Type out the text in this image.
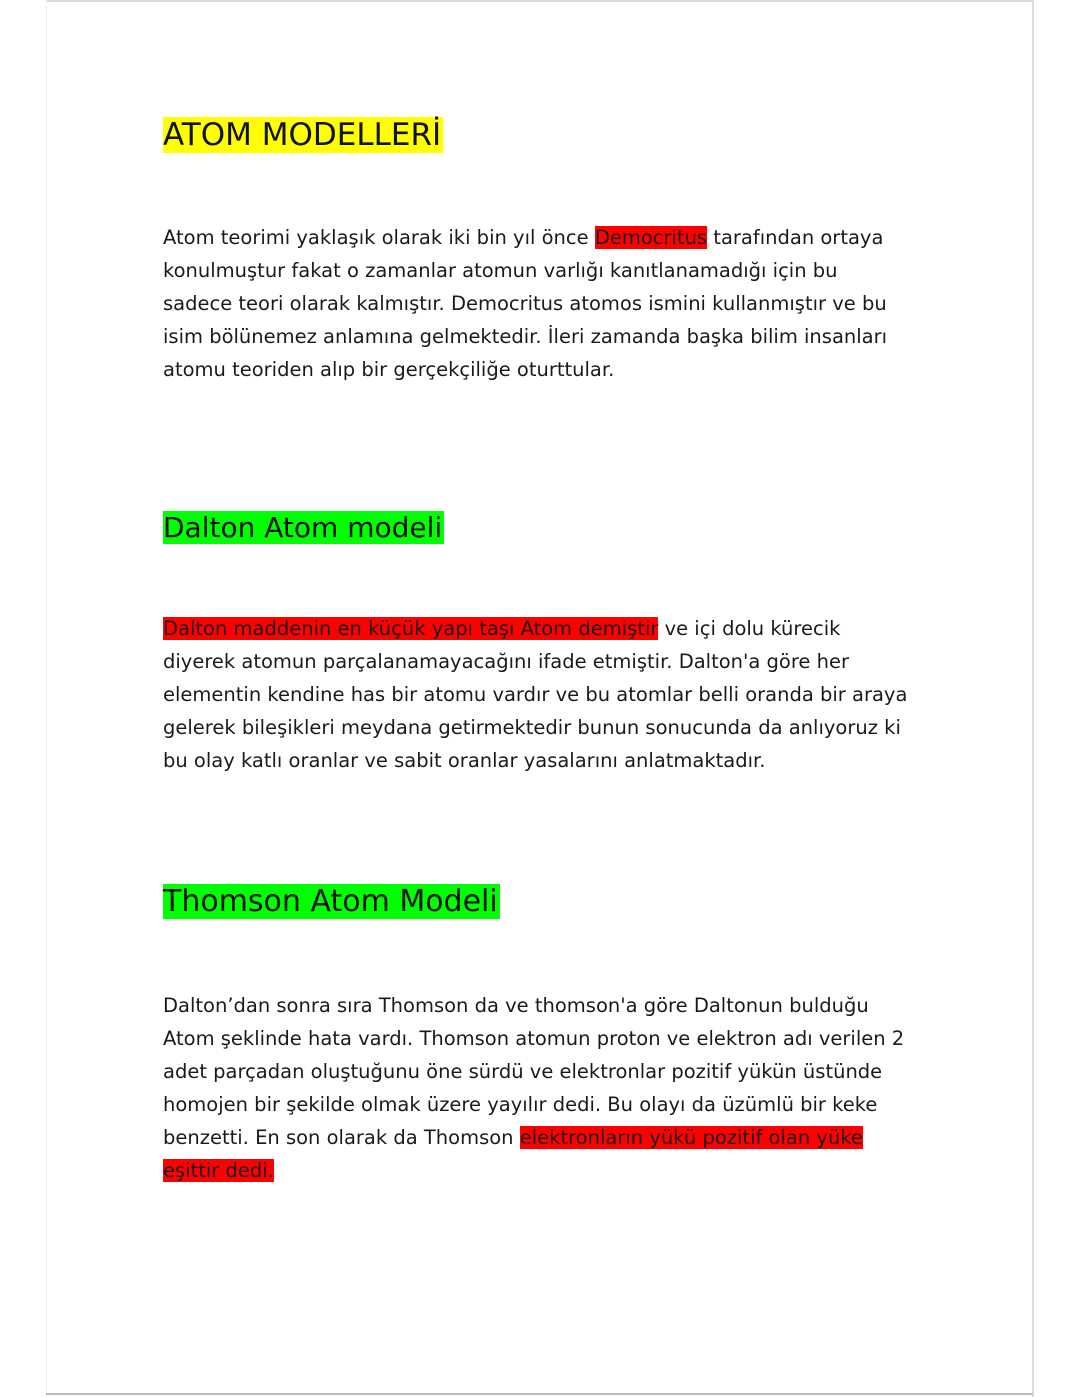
ATOM MODELLERİ

Atom teorimi yaklaşık olarak iki bin yıl önce Democritus tarafından ortaya
konulmuştur fakat o zamanlar atomun varlığı kanıtlanamadığı için bu
sadece teori olarak kalmıştır. Democritus atomos ismini kullanmıştır ve bu
isim bölünemez anlamına gelmektedir. İleri zamanda başka bilim insanları
atomu teoriden alıp bir gerçekçiliğe oturttular.

Dalton Atom modeli

Dalton maddenin en küçük yapı taşı Atom demiştir ve içi dolu kürecik
diyerek atomun parçalanamayacağını ifade etmiştir. Dalton'a göre her
elementin kendine has bir atomu vardır ve bu atomlar belli oranda bir araya
gelerek bileşikleri meydana getirmektedir bunun sonucunda da anlıyoruz ki
bu olay katlı oranlar ve sabit oranlar yasalarını anlatmaktadır.

Thomson Atom Modeli

Dalton’dan sonra sıra Thomson da ve thomson'a göre Daltonun bulduğu
Atom şeklinde hata vardı. Thomson atomun proton ve elektron adı verilen 2
adet parçadan oluştuğunu öne sürdü ve elektronlar pozitif yükün üstünde
homojen bir şekilde olmak üzere yayılır dedi. Bu olayı da üzümlü bir keke
benzetti. En son olarak da Thomson elektronların yükü pozitif olan yüke
eşittir dedi.
